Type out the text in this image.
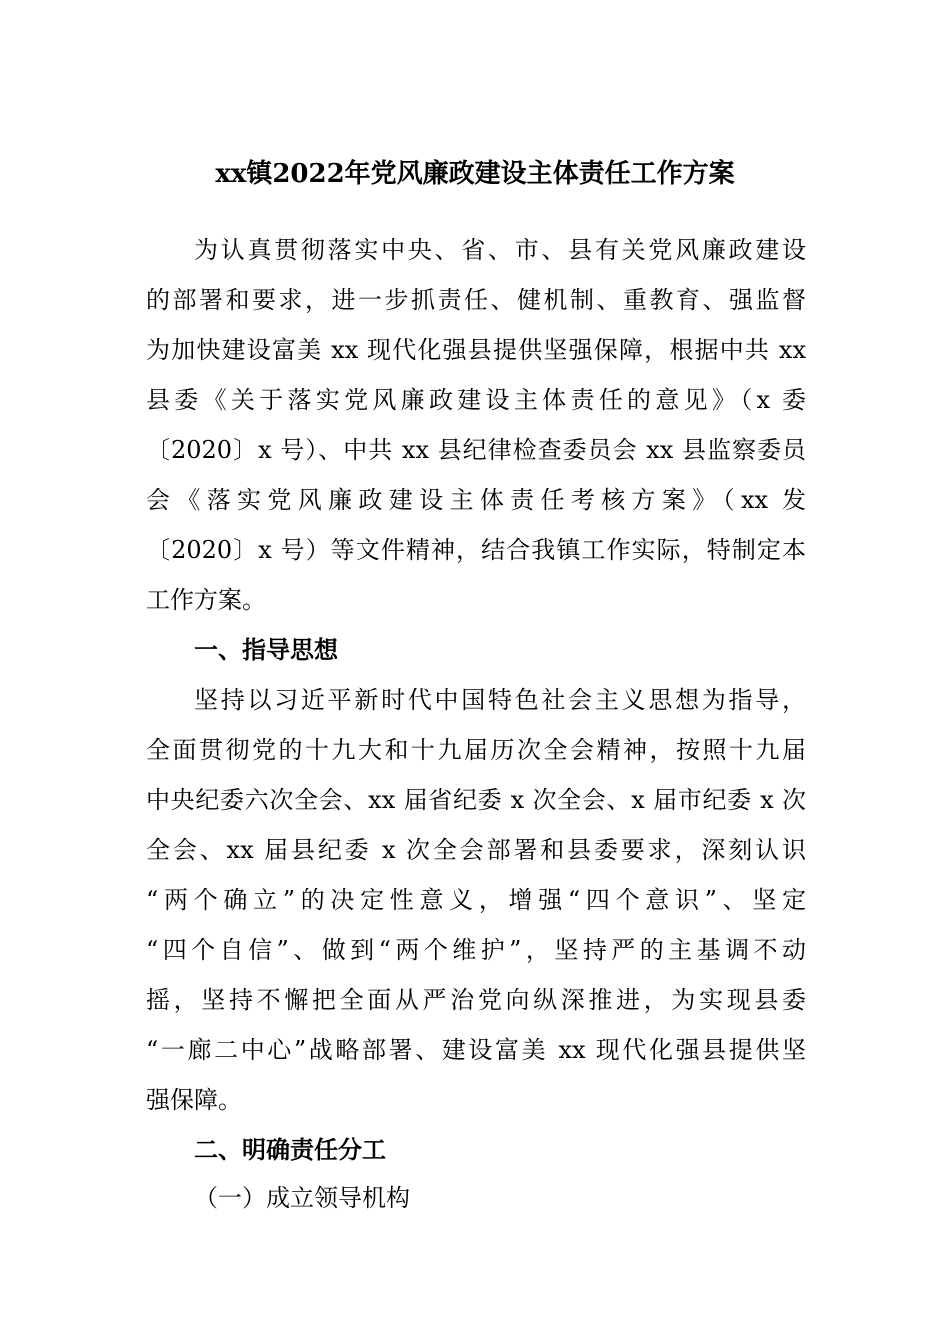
xx镇2022年党风廉政建设主体责任工作方案
为认真贯彻落实中央、省、市、县有关党风廉政建设
的部署和要求，进一步抓责任、健机制、重教育、强监督
为加快建设富美 xx 现代化强县提供坚强保障，根据中共 xx
县委《关于落实党风廉政建设主体责任的意见》（x 委
〔2020〕x 号）、中共 xx 县纪律检查委员会 xx 县监察委员
会《落实党风廉政建设主体责任考核方案》（xx 发
〔2020〕x 号）等文件精神，结合我镇工作实际，特制定本
工作方案。
一、指导思想
坚持以习近平新时代中国特色社会主义思想为指导，
全面贯彻党的十九大和十九届历次全会精神，按照十九届
中央纪委六次全会、xx 届省纪委 x 次全会、x 届市纪委 x 次
全会、xx 届县纪委 x 次全会部署和县委要求，深刻认识
“两个确立”的决定性意义，增强“四个意识”、坚定
“四个自信”、做到“两个维护”，坚持严的主基调不动
摇，坚持不懈把全面从严治党向纵深推进，为实现县委
“一廊二中心”战略部署、建设富美 xx 现代化强县提供坚
强保障。
二、明确责任分工
（一）成立领导机构
